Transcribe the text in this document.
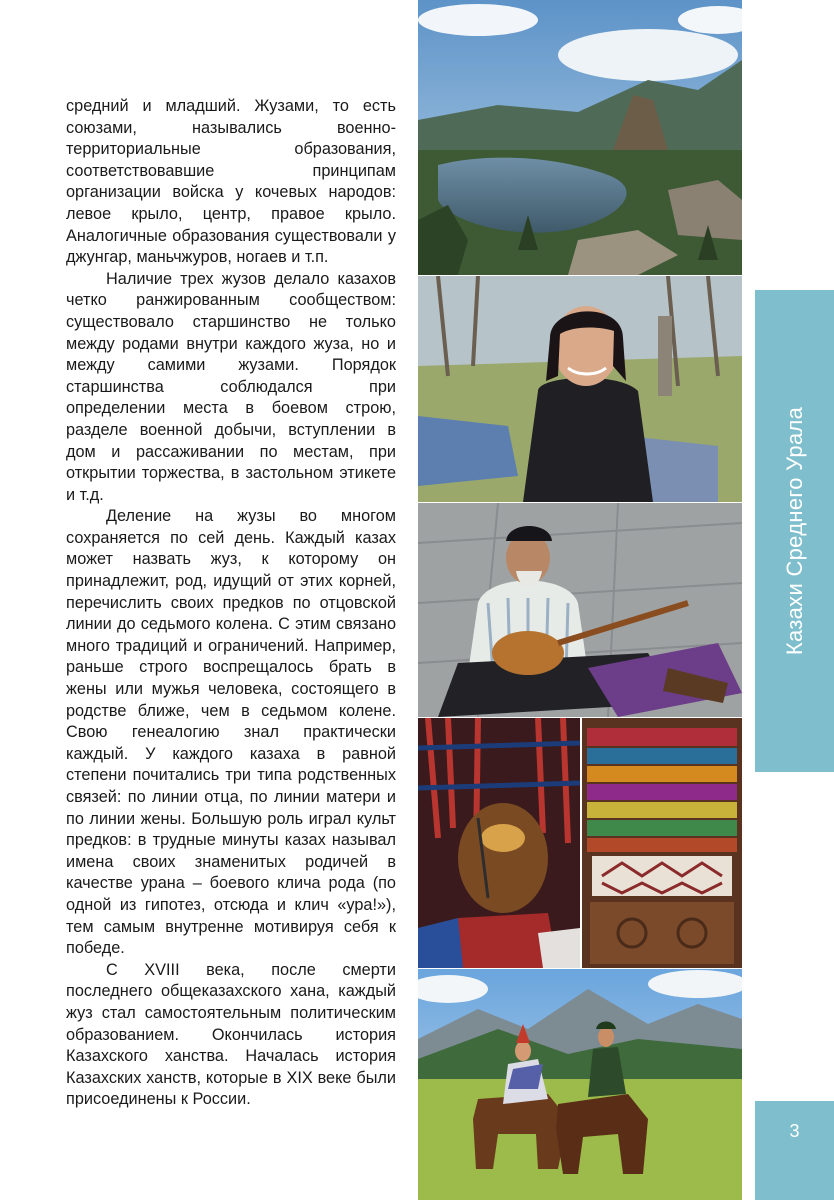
средний и младший. Жузами, то есть союзами, назывались военно-территориальные образования, соответствовавшие принципам организации войска у кочевых народов: левое крыло, центр, правое крыло. Аналогичные образования существовали у джунгар, маньчжуров, ногаев и т.п.

Наличие трех жузов делало казахов четко ранжированным сообществом: существовало старшинство не только между родами внутри каждого жуза, но и между самими жузами. Порядок старшинства соблюдался при определении места в боевом строю, разделе военной добычи, вступлении в дом и рассаживании по местам, при открытии торжества, в застольном этикете и т.д.

Деление на жузы во многом сохраняется по сей день. Каждый казах может назвать жуз, к которому он принадлежит, род, идущий от этих корней, перечислить своих предков по отцовской линии до седьмого колена. С этим связано много традиций и ограничений. Например, раньше строго воспрещалось брать в жены или мужья человека, состоящего в родстве ближе, чем в седьмом колене. Свою генеалогию знал практически каждый. У каждого казаха в равной степени почитались три типа родственных связей: по линии отца, по линии матери и по линии жены. Большую роль играл культ предков: в трудные минуты казах называл имена своих знаменитых родичей в качестве урана – боевого клича рода (по одной из гипотез, отсюда и клич «ура!»), тем самым внутренне мотивируя себя к победе.

С XVIII века, после смерти последнего общеказахского хана, каждый жуз стал самостоятельным политическим образованием. Окончилась история Казахского ханства. Началась история Казахских ханств, которые в XIX веке были присоединены к России.

Казахи Среднего Урала
3
